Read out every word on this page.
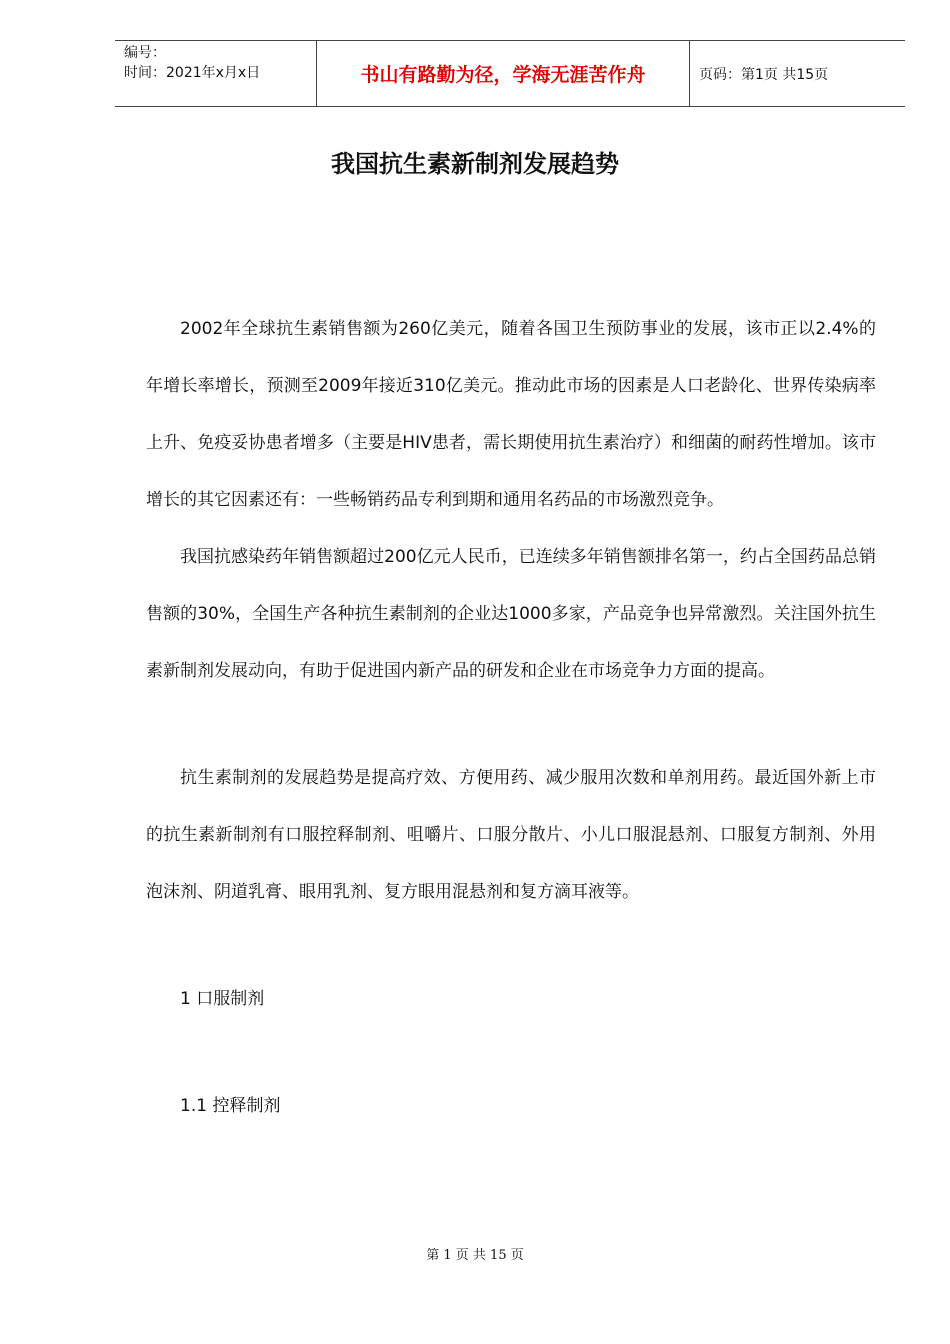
编号：
时间：2021年x月x日	书山有路勤为径，学海无涯苦作舟	页码：第1页 共15页
我国抗生素新制剂发展趋势

2002年全球抗生素销售额为260亿美元，随着各国卫生预防事业的发展，该市正以2.4%的年增长率增长，预测至2009年接近310亿美元。推动此市场的因素是人口老龄化、世界传染病率上升、免疫妥协患者增多（主要是HIV患者，需长期使用抗生素治疗）和细菌的耐药性增加。该市增长的其它因素还有：一些畅销药品专利到期和通用名药品的市场激烈竞争。

我国抗感染药年销售额超过200亿元人民币，已连续多年销售额排名第一，约占全国药品总销售额的30%，全国生产各种抗生素制剂的企业达1000多家，产品竞争也异常激烈。关注国外抗生素新制剂发展动向，有助于促进国内新产品的研发和企业在市场竞争力方面的提高。

抗生素制剂的发展趋势是提高疗效、方便用药、减少服用次数和单剂用药。最近国外新上市的抗生素新制剂有口服控释制剂、咀嚼片、口服分散片、小儿口服混悬剂、口服复方制剂、外用泡沫剂、阴道乳膏、眼用乳剂、复方眼用混悬剂和复方滴耳液等。

1 口服制剂

1.1 控释制剂

第 1 页 共 15 页
